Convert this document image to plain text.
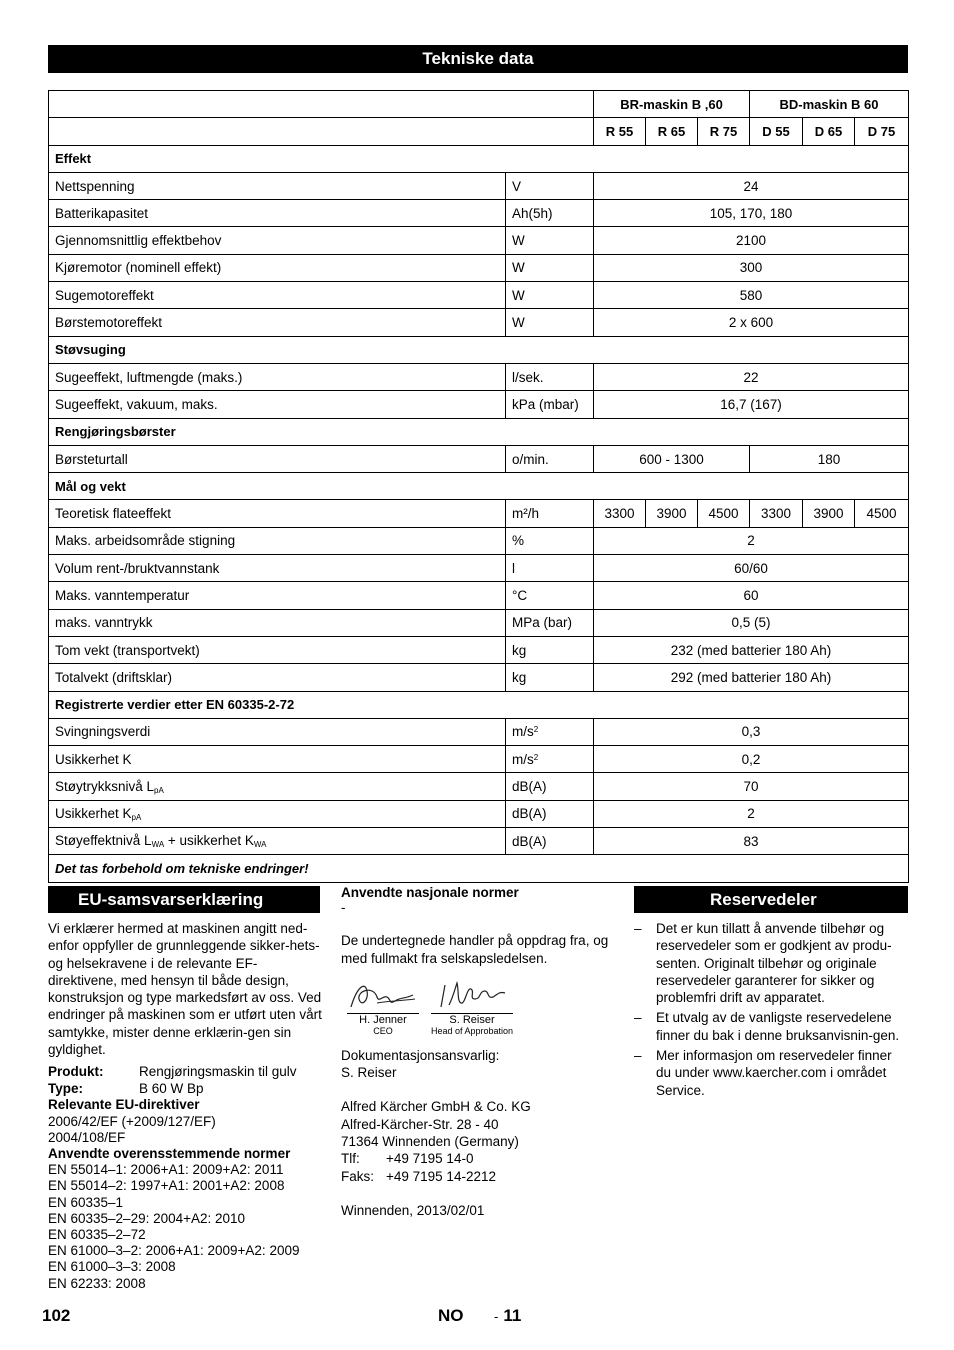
Tekniske data
		BR-maskin B ,60			BD-maskin B 60		
		R 55	R 65	R 75	D 55	D 65	D 75
Effekt							
Nettspenning	V	24					
Batterikapasitet	Ah(5h)	105, 170, 180					
Gjennomsnittlig effektbehov	W	2100					
Kjøremotor (nominell effekt)	W	300					
Sugemotoreffekt	W	580					
Børstemotoreffekt	W	2 x 600					
Støvsuging							
Sugeeffekt, luftmengde (maks.)	l/sek.	22					
Sugeeffekt, vakuum, maks.	kPa (mbar)	16,7 (167)					
Rengjøringsbørster							
Børsteturtall	o/min.	600 - 1300			180		
Mål og vekt							
Teoretisk flateeffekt	m²/h	3300	3900	4500	3300	3900	4500
Maks. arbeidsområde stigning	%	2					
Volum rent-/bruktvannstank	l	60/60					
Maks. vanntemperatur	°C	60					
maks. vanntrykk	MPa (bar)	0,5 (5)					
Tom vekt (transportvekt)	kg	232 (med batterier 180 Ah)					
Totalvekt (driftsklar)	kg	292 (med batterier 180 Ah)					
Registrerte verdier etter EN 60335-2-72							
Svingningsverdi	$m/s^2$	0,3					
Usikkerhet K	$m/s^2$	0,2					
Støytrykksnivå $L_{pA}$	dB(A)	70					
Usikkerhet $K_{pA}$	dB(A)	2					
Støyeffektnivå $L_{WA}$ + usikkerhet $K_{WA}$	dB(A)	83					
Det tas forbehold om tekniske endringer!							
EU-samsvarserklæring

Vi erklærer hermed at maskinen angitt ned-enfor oppfyller de grunnleggende sikker-hets- og helsekravene i de relevante EF-direktivene, med hensyn til både design, konstruksjon og type markedsført av oss. Ved endringer på maskinen som er utført uten vårt samtykke, mister denne erklærin-gen sin gyldighet.

Produkt:	Rengjøringsmaskin til gulv
Type:	B 60 W Bp
Relevante EU-direktiver
2006/42/EF (+2009/127/EF)
2004/108/EF
Anvendte overensstemmende normer
EN 55014–1: 2006+A1: 2009+A2: 2011
EN 55014–2: 1997+A1: 2001+A2: 2008
EN 60335–1
EN 60335–2–29: 2004+A2: 2010
EN 60335–2–72
EN 61000–3–2: 2006+A1: 2009+A2: 2009
EN 61000–3–3: 2008
EN 62233: 2008
Anvendte nasjonale normer
-

De undertegnede handler på oppdrag fra, og med fullmakt fra selskapsledelsen.

H. Jenner
CEO
S. Reiser
Head of Approbation
Dokumentasjonsansvarlig:
S. Reiser
Alfred Kärcher GmbH & Co. KG
Alfred-Kärcher-Str. 28 - 40
71364 Winnenden (Germany)
Tlf:	+49 7195 14-0
Faks: +49 7195 14-2212
Winnenden, 2013/02/01
Reservedeler
–	Det er kun tillatt å anvende tilbehør og reservedeler som er godkjent av produ-senten. Originalt tilbehør og originale reservedeler garanterer for sikker og problemfri drift av apparatet.
–	Et utvalg av de vanligste reservedelene finner du bak i denne bruksanvisnin-gen.
–	Mer informasjon om reservedeler finner du under www.kaercher.com i området Service.
102	NO - 11
